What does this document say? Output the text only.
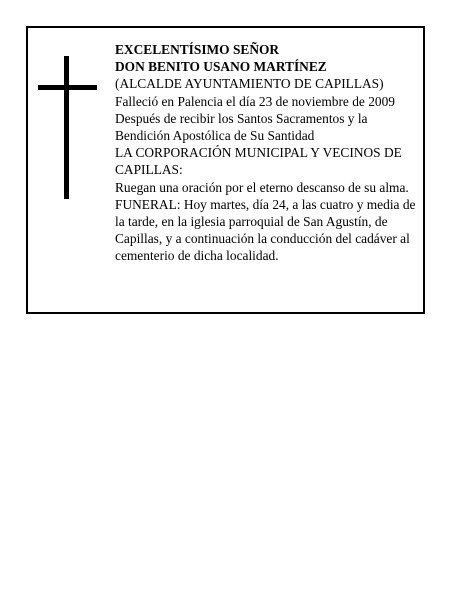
EXCELENTÍSIMO SEÑOR
DON BENITO USANO MARTÍNEZ
(ALCALDE AYUNTAMIENTO DE CAPILLAS)
Falleció en Palencia el día 23 de noviembre de 2009
Después de recibir los Santos Sacramentos y la
Bendición Apostólica de Su Santidad
LA CORPORACIÓN MUNICIPAL Y VECINOS DE
CAPILLAS:
Ruegan una oración por el eterno descanso de su alma.
FUNERAL: Hoy martes, día 24, a las cuatro y media de
la tarde, en la iglesia parroquial de San Agustín, de
Capillas, y a continuación la conducción del cadáver al
cementerio de dicha localidad.
